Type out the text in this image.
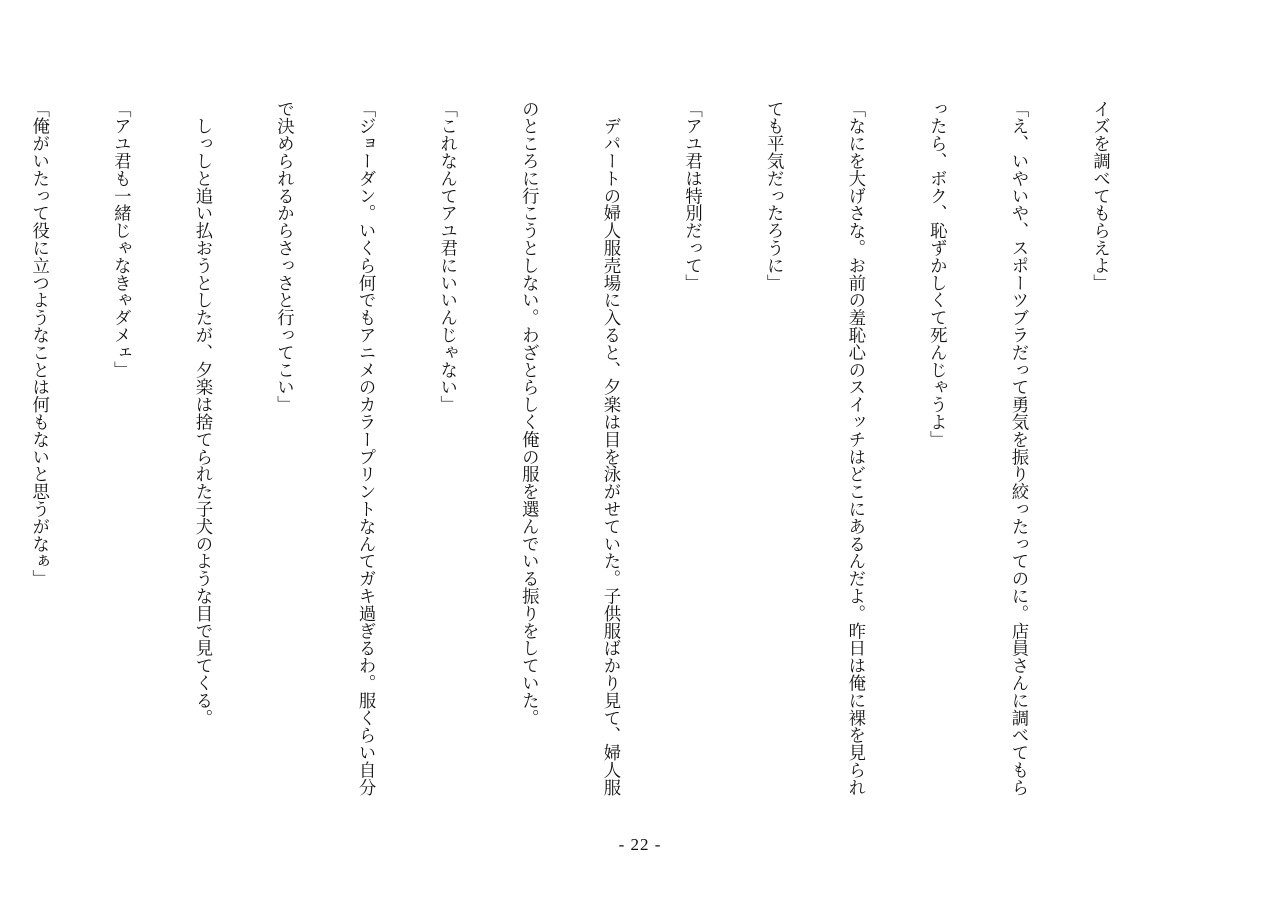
イズを調べてもらえよ」

「え、いやいや、スポーツブラだって勇気を振り絞ったってのに。店員さんに調べてもら

ったら、ボク、恥ずかしくて死んじゃうよ」

「なにを大げさな。お前の羞恥心のスイッチはどこにあるんだよ。昨日は俺に裸を見られ

ても平気だったろうに」

「アユ君は特別だって」

　デパートの婦人服売場に入ると、夕楽は目を泳がせていた。子供服ばかり見て、婦人服

のところに行こうとしない。わざとらしく俺の服を選んでいる振りをしていた。

「これなんてアユ君にいいんじゃない」

「ジョーダン。いくら何でもアニメのカラープリントなんてガキ過ぎるわ。服くらい自分

で決められるからさっさと行ってこい」

　しっしと追い払おうとしたが、夕楽は捨てられた子犬のような目で見てくる。

「アユ君も一緒じゃなきゃダメェ」

「俺がいたって役に立つようなことは何もないと思うがなぁ」

- 22 -
